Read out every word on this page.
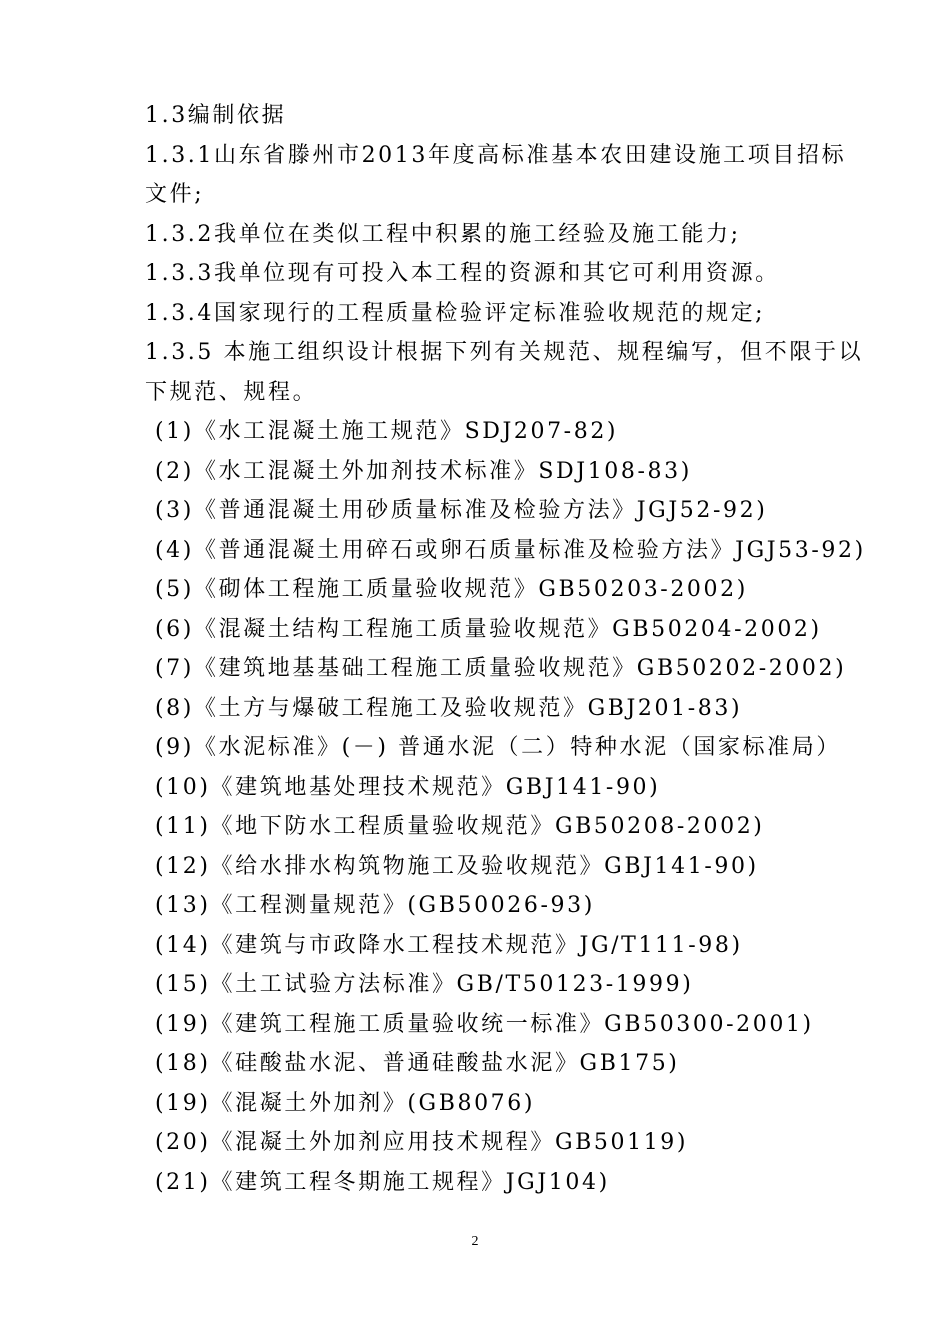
1.3编制依据
1.3.1山东省滕州市2013年度高标准基本农田建设施工项目招标文件;
1.3.2我单位在类似工程中积累的施工经验及施工能力;
1.3.3我单位现有可投入本工程的资源和其它可利用资源。
1.3.4国家现行的工程质量检验评定标准验收规范的规定;
1.3.5 本施工组织设计根据下列有关规范、规程编写，但不限于以下规范、规程。
(1)《水工混凝土施工规范》SDJ207-82)
(2)《水工混凝土外加剂技术标准》SDJ108-83)
(3)《普通混凝土用砂质量标准及检验方法》JGJ52-92)
(4)《普通混凝土用碎石或卵石质量标准及检验方法》JGJ53-92)
(5)《砌体工程施工质量验收规范》GB50203-2002)
(6)《混凝土结构工程施工质量验收规范》GB50204-2002)
(7)《建筑地基基础工程施工质量验收规范》GB50202-2002)
(8)《土方与爆破工程施工及验收规范》GBJ201-83)
(9)《水泥标准》(－) 普通水泥（二）特种水泥（国家标准局）
(10)《建筑地基处理技术规范》GBJ141-90)
(11)《地下防水工程质量验收规范》GB50208-2002)
(12)《给水排水构筑物施工及验收规范》GBJ141-90)
(13)《工程测量规范》(GB50026-93)
(14)《建筑与市政降水工程技术规范》JG/T111-98)
(15)《土工试验方法标准》GB/T50123-1999)
(19)《建筑工程施工质量验收统一标准》GB50300-2001)
(18)《硅酸盐水泥、普通硅酸盐水泥》GB175)
(19)《混凝土外加剂》(GB8076)
(20)《混凝土外加剂应用技术规程》GB50119)
(21)《建筑工程冬期施工规程》JGJ104)
2
